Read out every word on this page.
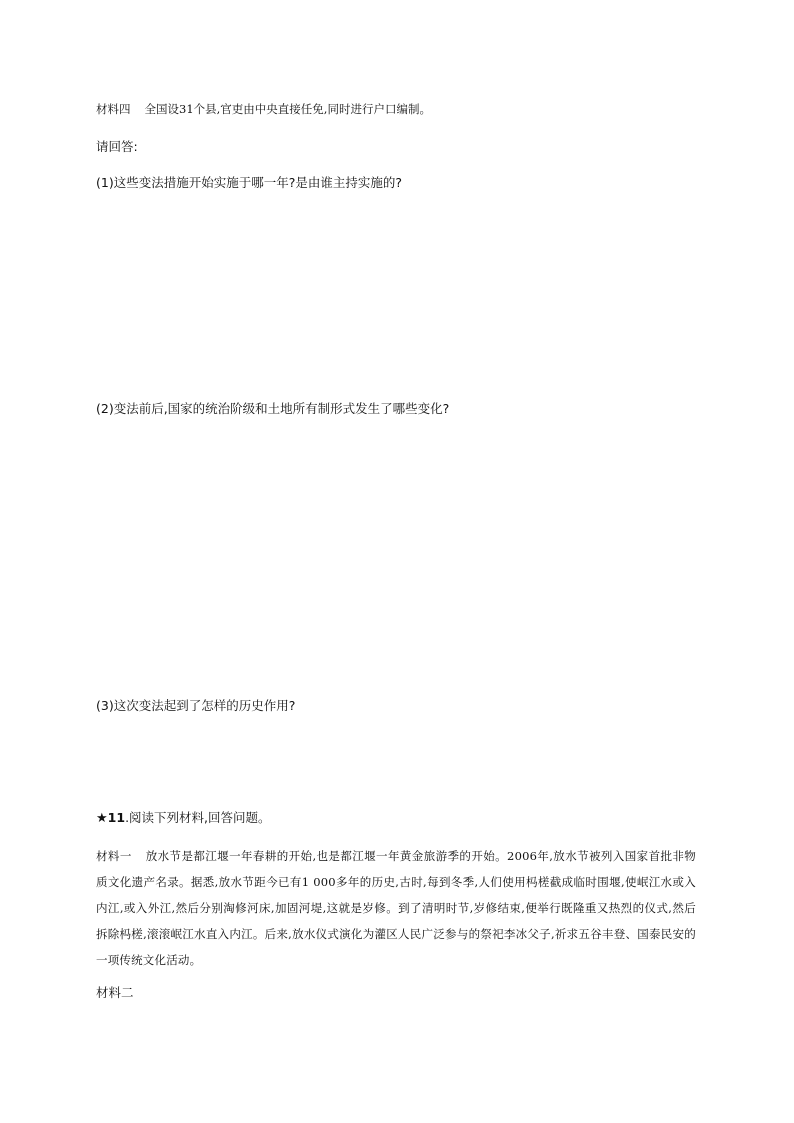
材料四 全国设31个县,官吏由中央直接任免,同时进行户口编制。
请回答:
(1)这些变法措施开始实施于哪一年?是由谁主持实施的?
(2)变法前后,国家的统治阶级和土地所有制形式发生了哪些变化?
(3)这次变法起到了怎样的历史作用?
★11.阅读下列材料,回答问题。
材料一 放水节是都江堰一年春耕的开始,也是都江堰一年黄金旅游季的开始。2006年,放水节被列入国家首批非物质文化遗产名录。据悉,放水节距今已有1 000多年的历史,古时,每到冬季,人们使用杩槎截成临时围堰,使岷江水或入内江,或入外江,然后分别淘修河床,加固河堤,这就是岁修。到了清明时节,岁修结束,便举行既隆重又热烈的仪式,然后拆除杩槎,滚滚岷江水直入内江。后来,放水仪式演化为灌区人民广泛参与的祭祀李冰父子,祈求五谷丰登、国泰民安的一项传统文化活动。
材料二
